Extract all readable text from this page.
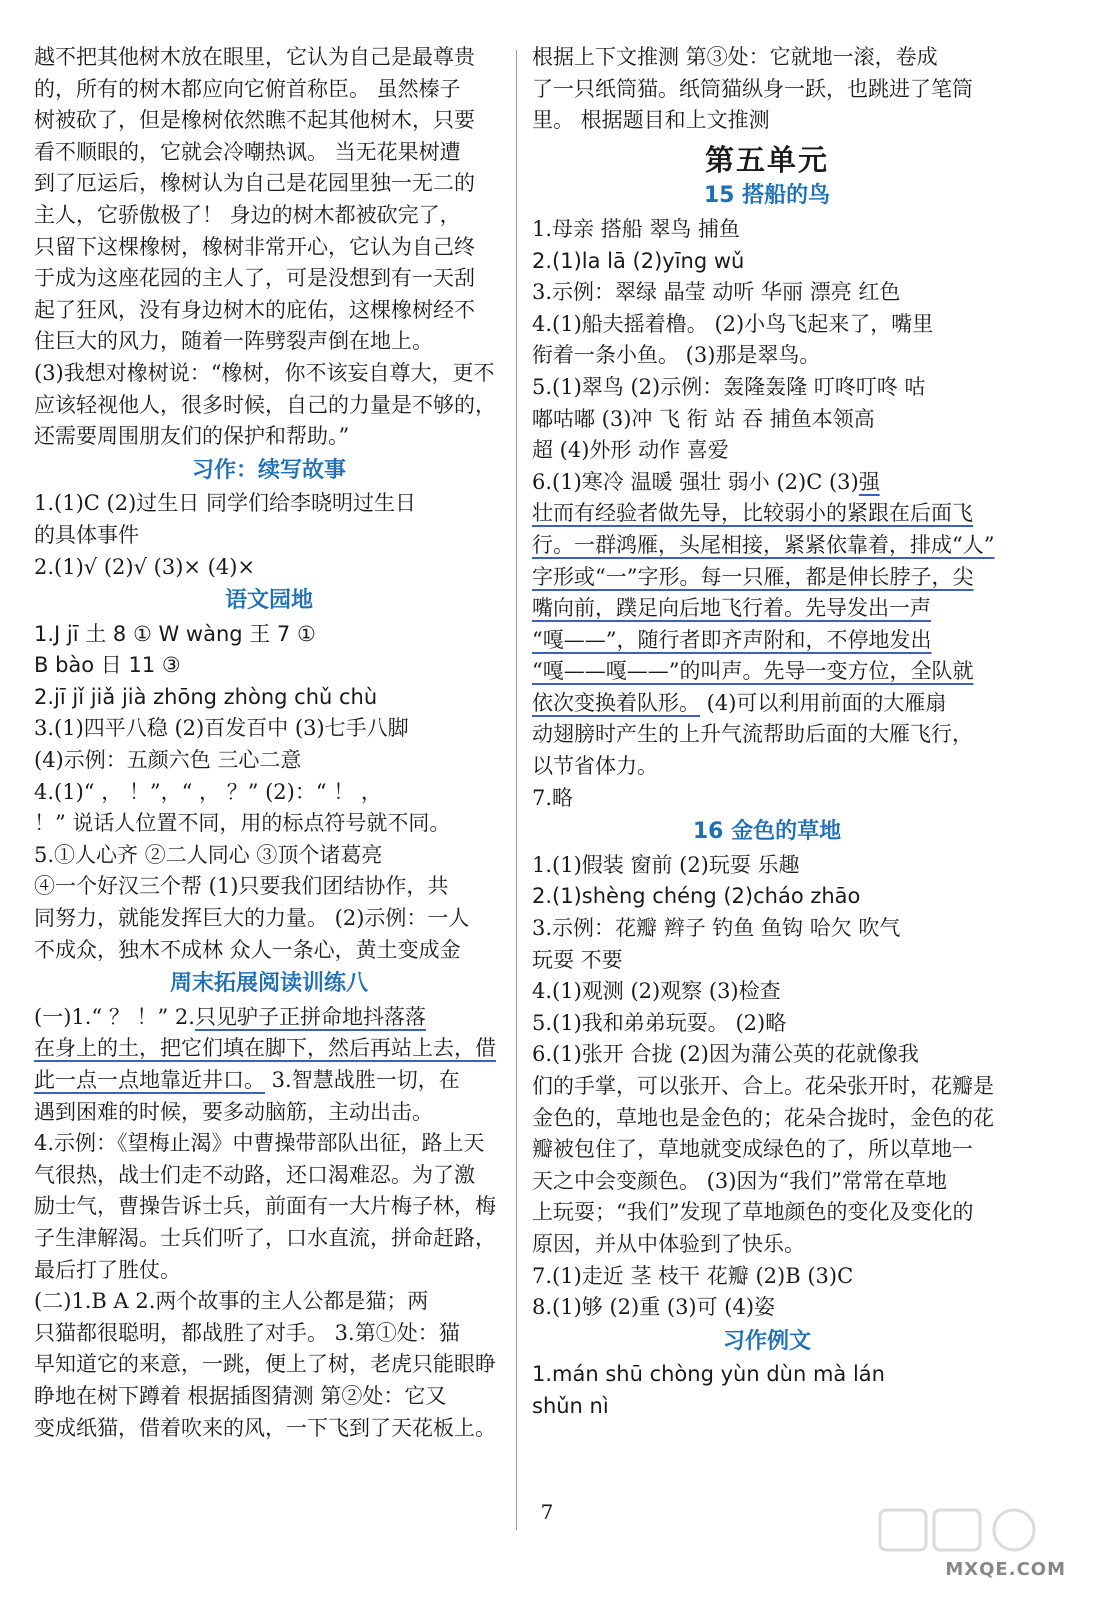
越不把其他树木放在眼里，它认为自己是最尊贵
的，所有的树木都应向它俯首称臣。 虽然榛子
树被砍了，但是橡树依然瞧不起其他树木，只要
看不顺眼的，它就会冷嘲热讽。 当无花果树遭
到了厄运后，橡树认为自己是花园里独一无二的
主人，它骄傲极了！ 身边的树木都被砍完了，
只留下这棵橡树，橡树非常开心，它认为自己终
于成为这座花园的主人了，可是没想到有一天刮
起了狂风，没有身边树木的庇佑，这棵橡树经不
住巨大的风力，随着一阵劈裂声倒在地上。
(3)我想对橡树说：“橡树，你不该妄自尊大，更不
应该轻视他人，很多时候，自己的力量是不够的，
还需要周围朋友们的保护和帮助。”
习作：续写故事
1.(1)C (2)过生日 同学们给李晓明过生日
的具体事件
2.(1)√ (2)√ (3)× (4)×
语文园地
1.J jī 土 8 ① W wàng 王 7 ①
B bào 日 11 ③
2.jī jǐ jiǎ jià zhōng zhòng chǔ chù
3.(1)四平八稳 (2)百发百中 (3)七手八脚
(4)示例：五颜六色 三心二意
4.(1)“ ， ！”，“ ， ？” (2)：“ ！ ，
！” 说话人位置不同，用的标点符号就不同。
5.①人心齐 ②二人同心 ③顶个诸葛亮
④一个好汉三个帮 (1)只要我们团结协作，共
同努力，就能发挥巨大的力量。 (2)示例：一人
不成众，独木不成林 众人一条心，黄土变成金
周末拓展阅读训练八
(一)1.“ ？ ！” 2.只见驴子正拼命地抖落落
在身上的土，把它们填在脚下，然后再站上去，借
此一点一点地靠近井口。 3.智慧战胜一切，在
遇到困难的时候，要多动脑筋，主动出击。
4.示例：《望梅止渴》中曹操带部队出征，路上天
气很热，战士们走不动路，还口渴难忍。为了激
励士气，曹操告诉士兵，前面有一大片梅子林，梅
子生津解渴。士兵们听了，口水直流，拼命赶路，
最后打了胜仗。
(二)1.B A 2.两个故事的主人公都是猫；两
只猫都很聪明，都战胜了对手。 3.第①处：猫
早知道它的来意，一跳，便上了树，老虎只能眼睁
睁地在树下蹲着 根据插图猜测 第②处：它又
变成纸猫，借着吹来的风，一下飞到了天花板上。
根据上下文推测 第③处：它就地一滚，卷成
了一只纸筒猫。纸筒猫纵身一跃，也跳进了笔筒
里。 根据题目和上文推测
第五单元
15 搭船的鸟
1.母亲 搭船 翠鸟 捕鱼
2.(1)la lā (2)yīng wǔ
3.示例：翠绿 晶莹 动听 华丽 漂亮 红色
4.(1)船夫摇着橹。 (2)小鸟飞起来了，嘴里
衔着一条小鱼。 (3)那是翠鸟。
5.(1)翠鸟 (2)示例：轰隆轰隆 叮咚叮咚 咕
嘟咕嘟 (3)冲 飞 衔 站 吞 捕鱼本领高
超 (4)外形 动作 喜爱
6.(1)寒冷 温暖 强壮 弱小 (2)C (3)强
壮而有经验者做先导，比较弱小的紧跟在后面飞
行。一群鸿雁，头尾相接，紧紧依靠着，排成“人”
字形或“一”字形。每一只雁，都是伸长脖子，尖
嘴向前，蹼足向后地飞行着。先导发出一声
“嘎——”，随行者即齐声附和，不停地发出
“嘎——嘎——”的叫声。先导一变方位，全队就
依次变换着队形。 (4)可以利用前面的大雁扇
动翅膀时产生的上升气流帮助后面的大雁飞行，
以节省体力。
7.略
16 金色的草地
1.(1)假装 窗前 (2)玩耍 乐趣
2.(1)shèng chéng (2)cháo zhāo
3.示例：花瓣 辫子 钓鱼 鱼钩 哈欠 吹气
玩耍 不要
4.(1)观测 (2)观察 (3)检查
5.(1)我和弟弟玩耍。 (2)略
6.(1)张开 合拢 (2)因为蒲公英的花就像我
们的手掌，可以张开、合上。花朵张开时，花瓣是
金色的，草地也是金色的；花朵合拢时，金色的花
瓣被包住了，草地就变成绿色的了，所以草地一
天之中会变颜色。 (3)因为“我们”常常在草地
上玩耍；“我们”发现了草地颜色的变化及变化的
原因，并从中体验到了快乐。
7.(1)走近 茎 枝干 花瓣 (2)B (3)C
8.(1)够 (2)重 (3)可 (4)姿
习作例文
1.mán shū chòng yùn dùn mà lán
shǔn nì
7
MXQE.COM
